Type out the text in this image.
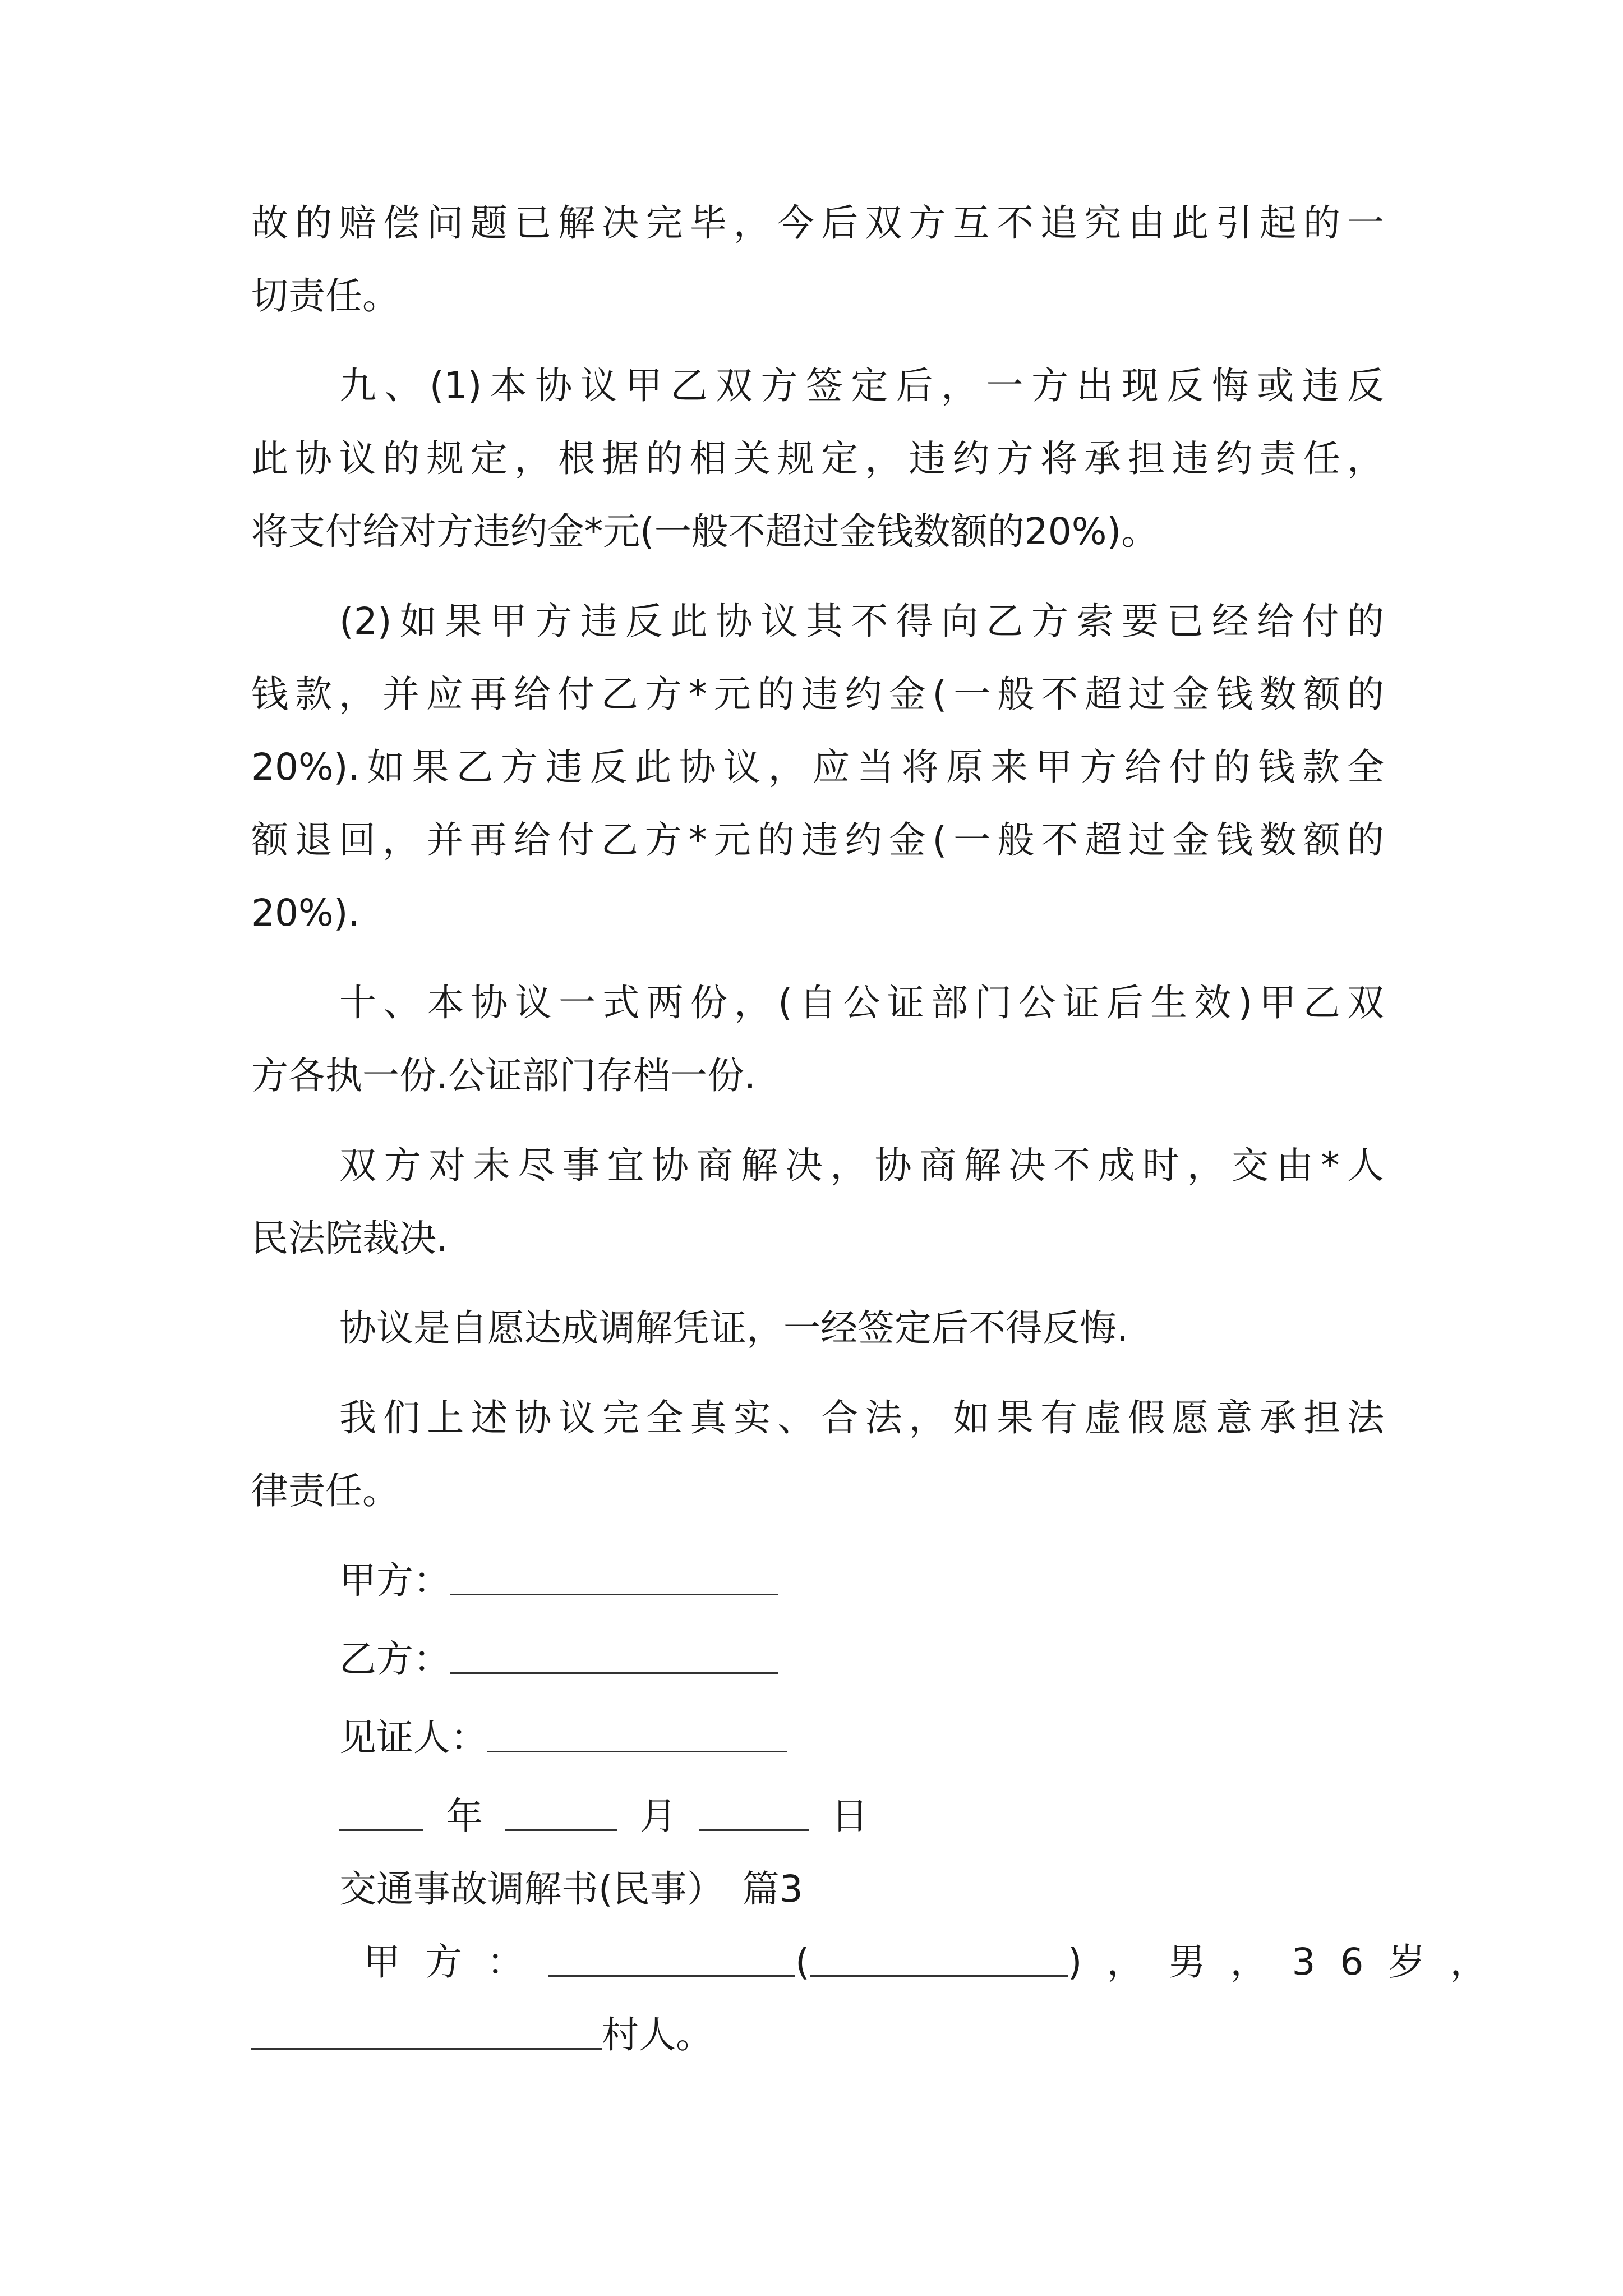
故的赔偿问题已解决完毕，今后双方互不追究由此引起的一
切责任。
九、(1)本协议甲乙双方签定后，一方出现反悔或违反
此协议的规定，根据的相关规定，违约方将承担违约责任，
将支付给对方违约金*元(一般不超过金钱数额的20%)。
(2)如果甲方违反此协议其不得向乙方索要已经给付的
钱款，并应再给付乙方*元的违约金(一般不超过金钱数额的
20%).如果乙方违反此协议，应当将原来甲方给付的钱款全
额退回，并再给付乙方*元的违约金(一般不超过金钱数额的
20%).
十、本协议一式两份，(自公证部门公证后生效)甲乙双
方各执一份.公证部门存档一份.
双方对未尽事宜协商解决，协商解决不成时，交由*人
民法院裁决.
协议是自愿达成调解凭证，一经签定后不得反悔.
我们上述协议完全真实、合法，如果有虚假愿意承担法
律责任。
甲方：
乙方：
见证人：
年	月	日
交通事故调解书(民事）　篇3
甲方：	(	)，男，36岁，
村人。
